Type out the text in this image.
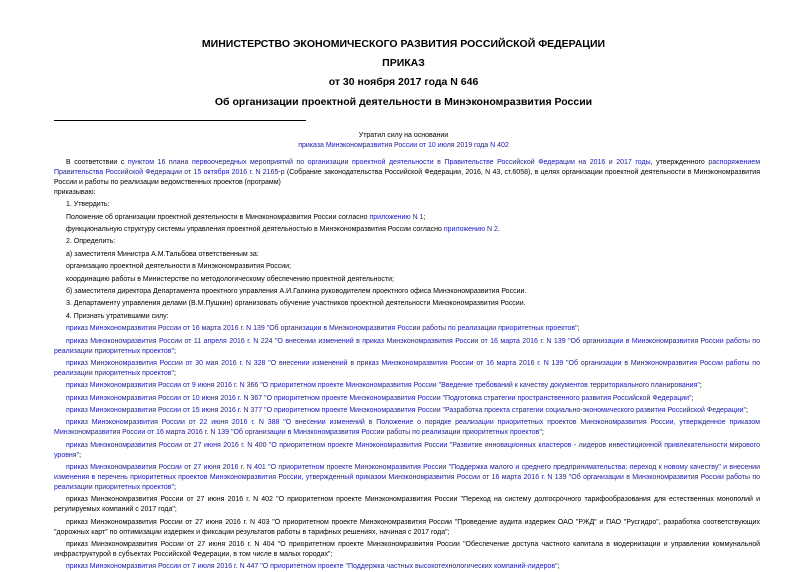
МИНИСТЕРСТВО ЭКОНОМИЧЕСКОГО РАЗВИТИЯ РОССИЙСКОЙ ФЕДЕРАЦИИ
ПРИКАЗ
от 30 ноября 2017 года N 646
Об организации проектной деятельности в Минэкономразвития России
Утратил силу на основании
приказа Минэкономразвития России от 10 июля 2019 года N 402

В соответствии с пунктом 16 плана первоочередных мероприятий по организации проектной деятельности в Правительстве Российской Федерации на 2016 и 2017 годы, утвержденного распоряжением Правительства Российской Федерации от 15 октября 2016 г. N 2165-р (Собрание законодательства Российской Федерации, 2016, N 43, ст.6058), в целях организации проектной деятельности в Минэкономразвития России и работы по реализации ведомственных проектов (программ)

приказываю:

1. Утвердить:

Положение об организации проектной деятельности в Минэкономразвития России согласно приложению N 1;

функциональную структуру системы управления проектной деятельностью в Минэкономразвития России согласно приложению N 2.

2. Определить:

а) заместителя Министра А.М.Тальбова ответственным за:

организацию проектной деятельности в Минэкономразвития России;

координацию работы в Министерстве по методологическому обеспечению проектной деятельности;

б) заместителя директора Департамента проектного управления А.И.Галкина руководителем проектного офиса Минэкономразвития России.

3. Департаменту управления делами (В.М.Пушкин) организовать обучение участников проектной деятельности Минэкономразвития России.

4. Признать утратившими силу:

приказ Минэкономразвития России от 16 марта 2016 г. N 139 "Об организации в Минэкономразвития России работы по реализации приоритетных проектов";

приказ Минэкономразвития России от 11 апреля 2016 г. N 224 "О внесении изменений в приказ Минэкономразвития России от 16 марта 2016 г. N 139 "Об организации в Минэкономразвития России работы по реализации приоритетных проектов";

приказ Минэкономразвития России от 30 мая 2016 г. N 328 "О внесении изменений в приказ Минэкономразвития России от 16 марта 2016 г. N 139 "Об организации в Минэкономразвития России работы по реализации приоритетных проектов";

приказ Минэкономразвития России от 9 июня 2016 г. N 366 "О приоритетном проекте Минэкономразвития России "Введение требований к качеству документов территориального планирования";

приказ Минэкономразвития России от 10 июня 2016 г. N 367 "О приоритетном проекте Минэкономразвития России "Подготовка стратегии пространственного развития Российской Федерации";

приказ Минэкономразвития России от 15 июня 2016 г. N 377 "О приоритетном проекте Минэкономразвития России "Разработка проекта стратегии социально-экономического развития Российской Федерации";

приказ Минэкономразвития России от 22 июня 2016 г. N 388 "О внесении изменений в Положение о порядке реализации приоритетных проектов Минэкономразвития России, утвержденное приказом Минэкономразвития России от 16 марта 2016 г. N 139 "Об организации в Минэкономразвития России работы по реализации приоритетных проектов";

приказ Минэкономразвития России от 27 июня 2016 г. N 400 "О приоритетном проекте Минэкономразвития России "Развитие инновационных кластеров - лидеров инвестиционной привлекательности мирового уровня";

приказ Минэкономразвития России от 27 июня 2016 г. N 401 "О приоритетном проекте Минэкономразвития России "Поддержка малого и среднего предпринимательства: переход к новому качеству" и внесении изменения в перечень приоритетных проектов Минэкономразвития России, утвержденный приказом Минэкономразвития России от 16 марта 2016 г. N 139 "Об организации в Минэкономразвития России работы по реализации приоритетных проектов";

приказ Минэкономразвития России от 27 июня 2016 г. N 402 "О приоритетном проекте Минэкономразвития России "Переход на систему долгосрочного тарифообразования для естественных монополий и регулируемых компаний с 2017 года";

приказ Минэкономразвития России от 27 июня 2016 г. N 403 "О приоритетном проекте Минэкономразвития России "Проведение аудита издержек ОАО "РЖД" и ПАО "Русгидро", разработка соответствующих "дорожных карт" по оптимизации издержек и фиксации результатов работы в тарифных решениях, начиная с 2017 года";

приказ Минэкономразвития России от 27 июня 2016 г. N 404 "О приоритетном проекте Минэкономразвития России "Обеспечение доступа частного капитала в модернизации и управлении коммунальной инфраструктурой в субъектах Российской Федерации, в том числе в малых городах";

приказ Минэкономразвития России от 7 июля 2016 г. N 447 "О приоритетном проекте "Поддержка частных высокотехнологических компаний-лидеров";
